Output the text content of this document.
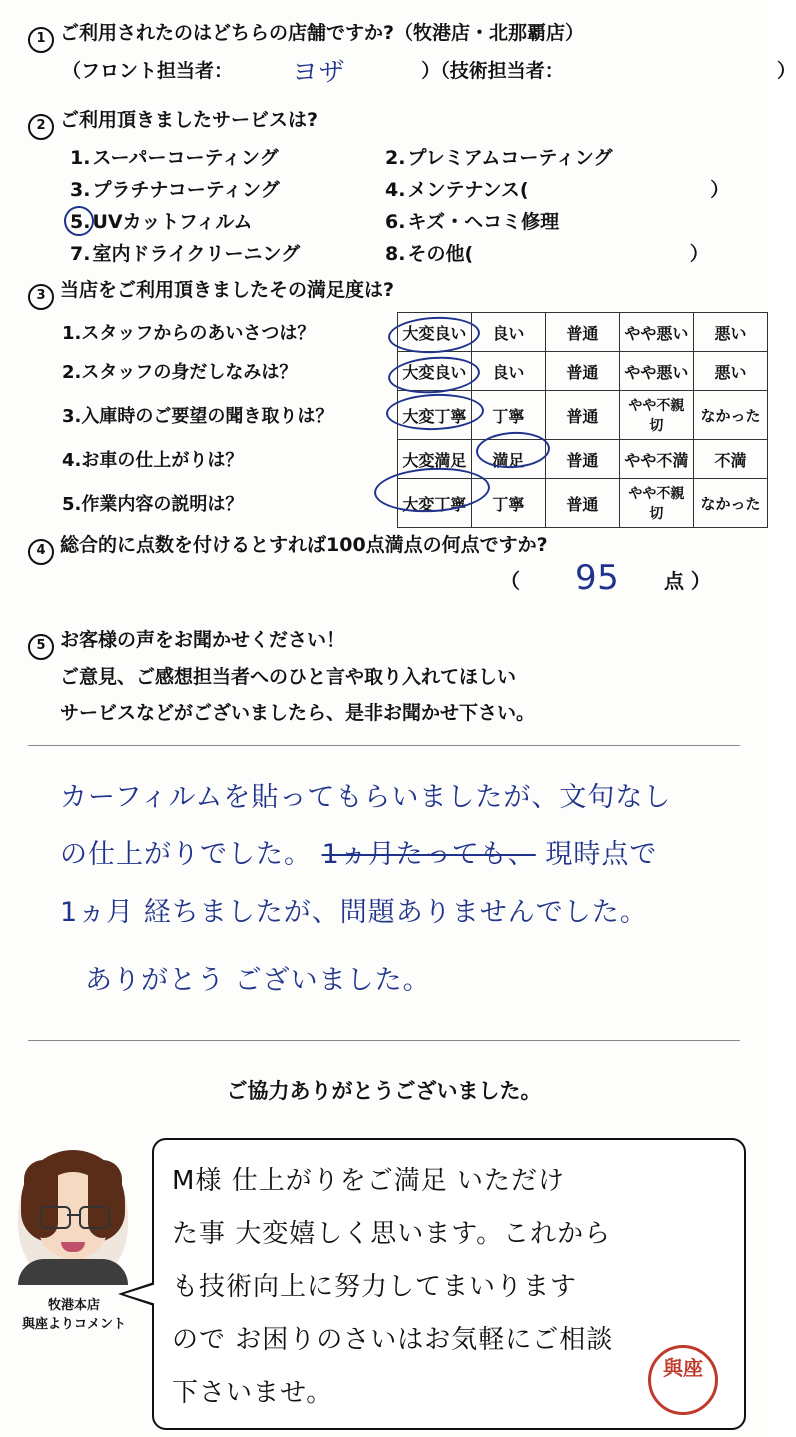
1 ご利用されたのはどちらの店舗ですか?（牧港店・北那覇店）
（フロント担当者：	）（技術担当者：	）
ヨザ
2 ご利用頂きましたサービスは?
1. スーパーコーティング	2. プレミアムコーティング
3. プラチナコーティング	4. メンテナンス(	）
5. UVカットフィルム	6. キズ・ヘコミ修理
7. 室内ドライクリーニング	8. その他(	）
3 当店をご利用頂きましたその満足度は?
1.スタッフからのあいさつは？	大変良い	良い	普通	やや悪い	悪い
2.スタッフの身だしなみは？	大変良い	良い	普通	やや悪い	悪い
3.入庫時のご要望の聞き取りは？	大変丁寧	丁寧	普通	やや不親切	なかった
4.お車の仕上がりは？	大変満足	満足	普通	やや不満	不満
5.作業内容の説明は？	大変丁寧	丁寧	普通	やや不親切	なかった
4 総合的に点数を付けるとすれば100点満点の何点ですか?
（	点 ）
95
5 お客様の声をお聞かせください！
ご意見、ご感想担当者へのひと言や取り入れてほしい
サービスなどがございましたら、是非お聞かせ下さい。
カーフィルムを貼ってもらいましたが、文句なし
の仕上がりでした。 1ヵ月たっても、 現時点で
1ヵ月 経ちましたが、問題ありませんでした。
ありがとう ございました。
ご協力ありがとうございました。
牧港本店
與座よりコメント
M様 仕上がりをご満足 いただけ
た事 大変嬉しく思います。これから
も技術向上に努力してまいります
ので お困りのさいはお気軽にご相談
下さいませ。
與座
